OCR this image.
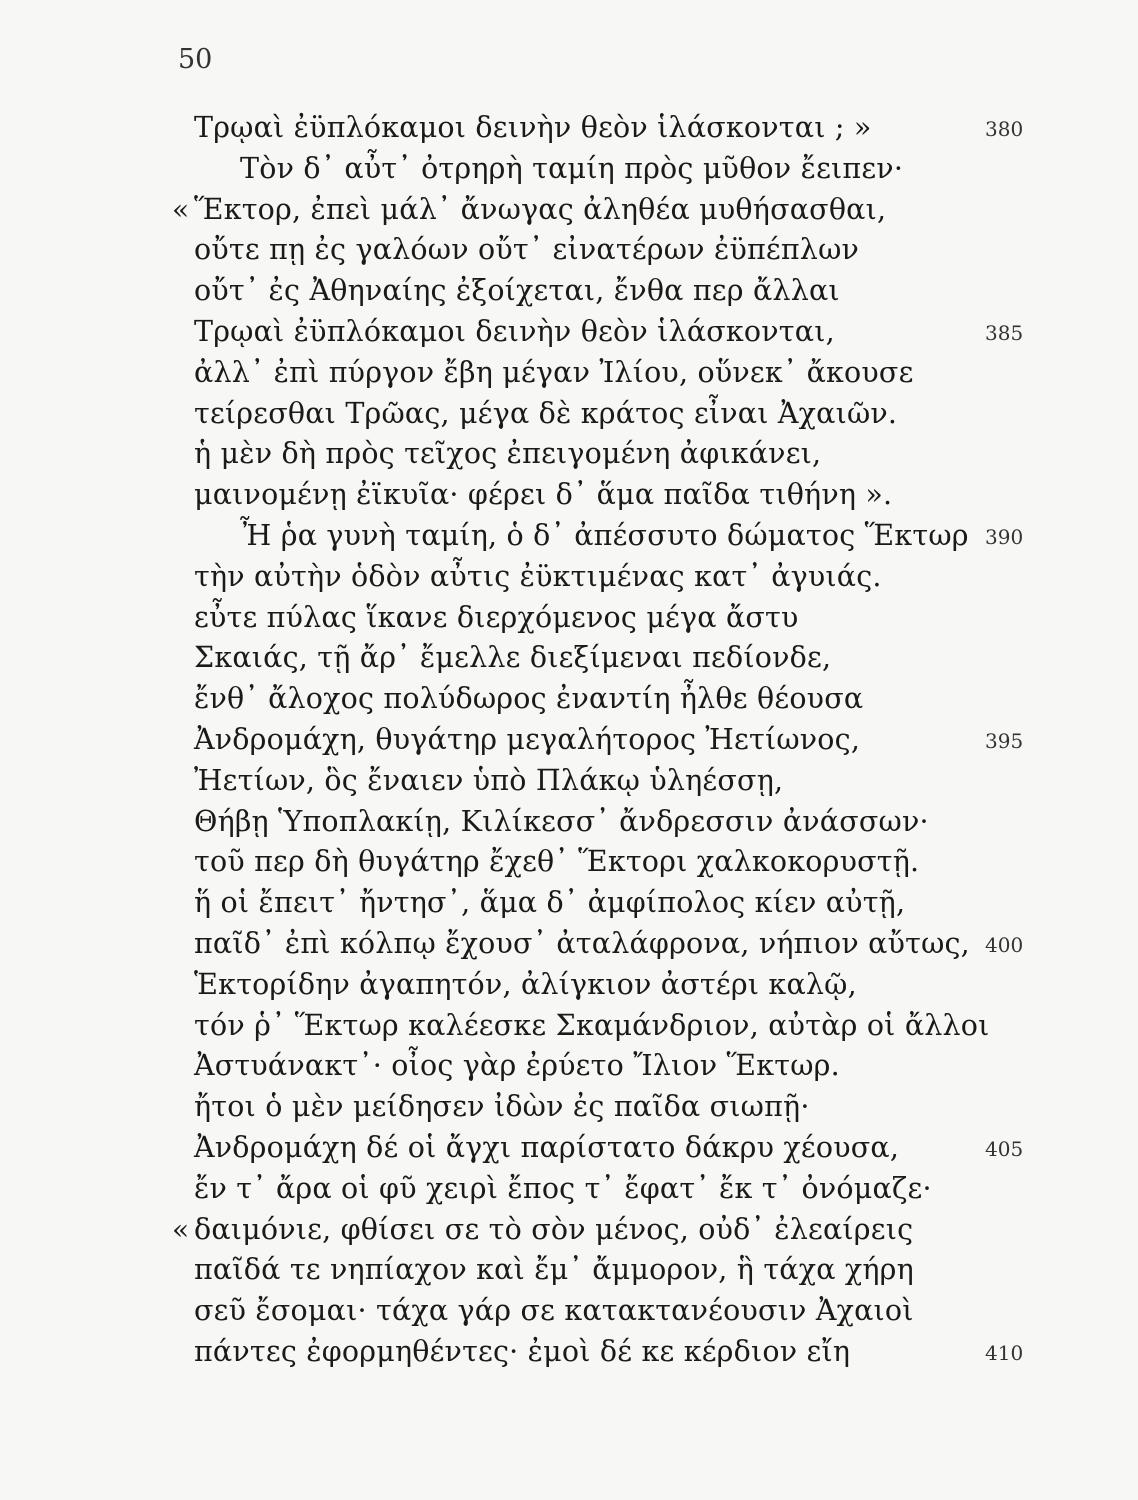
50
Τρῳαὶ ἐϋπλόκαμοι δεινὴν θεὸν ἱλάσκονται ; »	380
Τὸν δ᾽ αὖτ᾽ ὀτρηρὴ ταμίη πρὸς μῦθον ἔειπεν·
« Ἕκτορ, ἐπεὶ μάλ᾽ ἄνωγας ἀληθέα μυθήσασθαι,
οὔτε πῃ ἐς γαλόων οὔτ᾽ εἰνατέρων ἐϋπέπλων
οὔτ᾽ ἐς Ἀθηναίης ἐξοίχεται, ἔνθα περ ἄλλαι
Τρῳαὶ ἐϋπλόκαμοι δεινὴν θεὸν ἱλάσκονται,	385
ἀλλ᾽ ἐπὶ πύργον ἔβη μέγαν Ἰλίου, οὕνεκ᾽ ἄκουσε
τείρεσθαι Τρῶας, μέγα δὲ κράτος εἶναι Ἀχαιῶν.
ἡ μὲν δὴ πρὸς τεῖχος ἐπειγομένη ἀφικάνει,
μαινομένῃ ἐϊκυῖα· φέρει δ᾽ ἅμα παῖδα τιθήνη ».
Ἦ ῥα γυνὴ ταμίη, ὁ δ᾽ ἀπέσσυτο δώματος Ἕκτωρ 390
τὴν αὐτὴν ὁδὸν αὖτις ἐϋκτιμένας κατ᾽ ἀγυιάς.
εὖτε πύλας ἵκανε διερχόμενος μέγα ἄστυ
Σκαιάς, τῇ ἄρ᾽ ἔμελλε διεξίμεναι πεδίονδε,
ἔνθ᾽ ἄλοχος πολύδωρος ἐναντίη ἦλθε θέουσα
Ἀνδρομάχη, θυγάτηρ μεγαλήτορος Ἠετίωνος,	395
Ἠετίων, ὃς ἔναιεν ὑπὸ Πλάκῳ ὑληέσσῃ,
Θήβῃ Ὑποπλακίῃ, Κιλίκεσσ᾽ ἄνδρεσσιν ἀνάσσων·
τοῦ περ δὴ θυγάτηρ ἔχεθ᾽ Ἕκτορι χαλκοκορυστῇ.
ἥ οἱ ἔπειτ᾽ ἤντησ᾽, ἅμα δ᾽ ἀμφίπολος κίεν αὐτῇ,
παῖδ᾽ ἐπὶ κόλπῳ ἔχουσ᾽ ἀταλάφρονα, νήπιον αὔτως, 400
Ἑκτορίδην ἀγαπητόν, ἀλίγκιον ἀστέρι καλῷ,
τόν ῥ᾽ Ἕκτωρ καλέεσκε Σκαμάνδριον, αὐτὰρ οἱ ἄλλοι
Ἀστυάνακτ᾽· οἶος γὰρ ἐρύετο Ἴλιον Ἕκτωρ.
ἤτοι ὁ μὲν μείδησεν ἰδὼν ἐς παῖδα σιωπῇ·
Ἀνδρομάχη δέ οἱ ἄγχι παρίστατο δάκρυ χέουσα,	405
ἔν τ᾽ ἄρα οἱ φῦ χειρὶ ἔπος τ᾽ ἔφατ᾽ ἔκ τ᾽ ὀνόμαζε·
« δαιμόνιε, φθίσει σε τὸ σὸν μένος, οὐδ᾽ ἐλεαίρεις
παῖδά τε νηπίαχον καὶ ἔμ᾽ ἄμμορον, ἣ τάχα χήρη
σεῦ ἔσομαι· τάχα γάρ σε κατακτανέουσιν Ἀχαιοὶ
πάντες ἐφορμηθέντες· ἐμοὶ δέ κε κέρδιον εἴη	410
